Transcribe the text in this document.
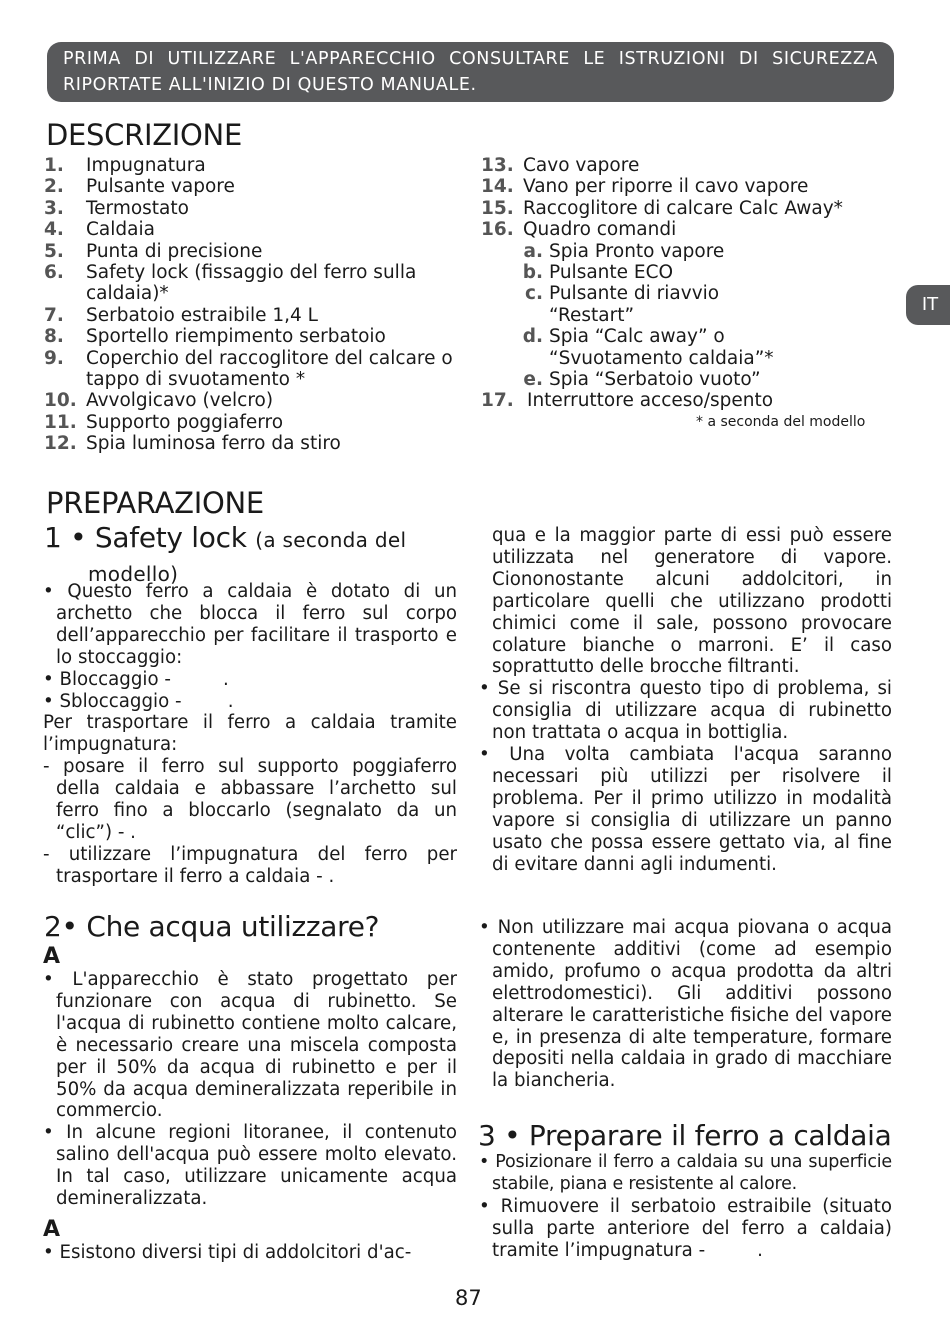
PRIMA DI UTILIZZARE L'APPARECCHIO CONSULTARE LE ISTRUZIONI DI SICUREZZA RIPORTATE ALL'INIZIO DI QUESTO MANUALE.
DESCRIZIONE
1.	Impugnatura
2.	Pulsante vapore
3.	Termostato
4.	Caldaia
5.	Punta di precisione
6.	Safety lock (fissaggio del ferro sulla caldaia)*
7.	Serbatoio estraibile 1,4 L
8.	Sportello riempimento serbatoio
9.	Coperchio del raccoglitore del calcare o tappo di svuotamento *
10. Avvolgicavo (velcro)
11. Supporto poggiaferro
12. Spia luminosa ferro da stiro
13. Cavo vapore
14. Vano per riporre il cavo vapore
15. Raccoglitore di calcare Calc Away*
16. Quadro comandi
a. Spia Pronto vapore
b. Pulsante ECO
c. Pulsante di riavvio “Restart”
d. Spia “Calc away” o “Svuotamento caldaia”*
e. Spia “Serbatoio vuoto”
17. Interruttore acceso/spento
* a seconda del modello
IT
PREPARAZIONE
1 • Safety lock (a seconda del
modello)

• Questo ferro a caldaia è dotato di un archetto che blocca il ferro sul corpo dell’apparecchio per facilitare il trasporto e lo stoccaggio:

• Bloccaggio -         .

• Sbloccaggio -        .

Per trasportare il ferro a caldaia tramite l’impugnatura:

- posare il ferro sul supporto poggiaferro della caldaia e abbassare l’archetto sul ferro fino a bloccarlo (segnalato da un “clic”) - .

- utilizzare l’impugnatura del ferro per trasportare il ferro a caldaia - .

qua e la maggior parte di essi può essere utilizzata nel generatore di vapore. Ciononostante alcuni addolcitori, in particolare quelli che utilizzano prodotti chimici come il sale, possono provocare colature bianche o marroni. E’ il caso soprattutto delle brocche filtranti.

• Se si riscontra questo tipo di problema, si consiglia di utilizzare acqua di rubinetto non trattata o acqua in bottiglia.

• Una volta cambiata l'acqua saranno necessari più utilizzi per risolvere il problema. Per il primo utilizzo in modalità vapore si consiglia di utilizzare un panno usato che possa essere gettato via, al fine di evitare danni agli indumenti.

2• Che acqua utilizzare?
A

• L'apparecchio è stato progettato per funzionare con acqua di rubinetto. Se l'acqua di rubinetto contiene molto calcare, è necessario creare una miscela composta per il 50% da acqua di rubinetto e per il 50% da acqua demineralizzata reperibile in commercio.

• In alcune regioni litoranee, il contenuto salino dell'acqua può essere molto elevato. In tal caso, utilizzare unicamente acqua demineralizzata.

A

• Esistono diversi tipi di addolcitori d'ac-

• Non utilizzare mai acqua piovana o acqua contenente additivi (come ad esempio amido, profumo o acqua prodotta da altri elettrodomestici). Gli additivi possono alterare le caratteristiche fisiche del vapore e, in presenza di alte temperature, formare depositi nella caldaia in grado di macchiare la biancheria.

3 • Preparare il ferro a caldaia

• Posizionare il ferro a caldaia su una superficie stabile, piana e resistente al calore.

• Rimuovere il serbatoio estraibile (situato sulla parte anteriore del ferro a caldaia) tramite l’impugnatura -         .

87
